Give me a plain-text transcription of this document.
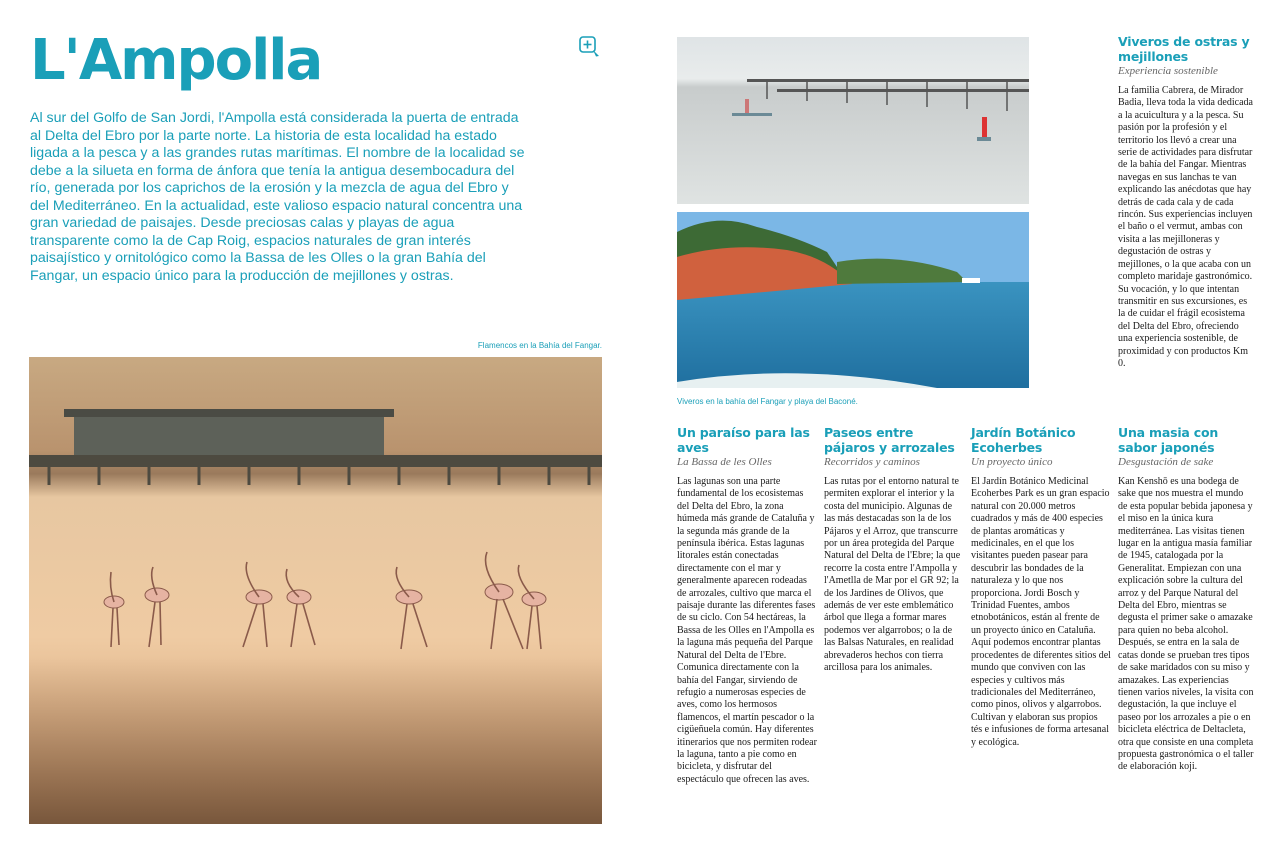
L'Ampolla

Al sur del Golfo de San Jordi, l'Ampolla está considerada la puerta de entrada al Delta del Ebro por la parte norte. La historia de esta localidad ha estado ligada a la pesca y a las grandes rutas marítimas. El nombre de la localidad se debe a la silueta en forma de ánfora que tenía la antigua desembocadura del río, generada por los caprichos de la erosión y la mezcla de agua del Ebro y del Mediterráneo. En la actualidad, este valioso espacio natural concentra una gran variedad de paisajes. Desde preciosas calas y playas de agua transparente como la de Cap Roig, espacios naturales de gran interés paisajístico y ornitológico como la Bassa de les Olles o la gran Bahía del Fangar, un espacio único para la producción de mejillones y ostras.

Flamencos en la Bahía del Fangar.
Viveros en la bahía del Fangar y playa del Baconé.
Viveros de ostras y mejillones
Experiencia sostenible

La familia Cabrera, de Mirador Badia, lleva toda la vida dedicada a la acuicultura y a la pesca. Su pasión por la profesión y el territorio los llevó a crear una serie de actividades para disfrutar de la bahía del Fangar. Mientras navegas en sus lanchas te van explicando las anécdotas que hay detrás de cada cala y de cada rincón. Sus experiencias incluyen el baño o el vermut, ambas con visita a las mejilloneras y degustación de ostras y mejillones, o la que acaba con un completo maridaje gastronómico. Su vocación, y lo que intentan transmitir en sus excursiones, es la de cuidar el frágil ecosistema del Delta del Ebro, ofreciendo una experiencia sostenible, de proximidad y con productos Km 0.

Un paraíso para las aves
La Bassa de les Olles

Las lagunas son una parte fundamental de los ecosistemas del Delta del Ebro, la zona húmeda más grande de Cataluña y la segunda más grande de la península ibérica. Estas lagunas litorales están conectadas directamente con el mar y generalmente aparecen rodeadas de arrozales, cultivo que marca el paisaje durante las diferentes fases de su ciclo. Con 54 hectáreas, la Bassa de les Olles en l'Ampolla es la laguna más pequeña del Parque Natural del Delta de l'Ebre. Comunica directamente con la bahía del Fangar, sirviendo de refugio a numerosas especies de aves, como los hermosos flamencos, el martín pescador o la cigüeñuela común. Hay diferentes itinerarios que nos permiten rodear la laguna, tanto a pie como en bicicleta, y disfrutar del espectáculo que ofrecen las aves.

Paseos entre pájaros y arrozales
Recorridos y caminos

Las rutas por el entorno natural te permiten explorar el interior y la costa del municipio. Algunas de las más destacadas son la de los Pájaros y el Arroz, que transcurre por un área protegida del Parque Natural del Delta de l'Ebre; la que recorre la costa entre l'Ampolla y l'Ametlla de Mar por el GR 92; la de los Jardines de Olivos, que además de ver este emblemático árbol que llega a formar mares podemos ver algarrobos; o la de las Balsas Naturales, en realidad abrevaderos hechos con tierra arcillosa para los animales.

Jardín Botánico Ecoherbes
Un proyecto único

El Jardín Botánico Medicinal Ecoherbes Park es un gran espacio natural con 20.000 metros cuadrados y más de 400 especies de plantas aromáticas y medicinales, en el que los visitantes pueden pasear para descubrir las bondades de la naturaleza y lo que nos proporciona. Jordi Bosch y Trinidad Fuentes, ambos etnobotánicos, están al frente de un proyecto único en Cataluña. Aquí podemos encontrar plantas procedentes de diferentes sitios del mundo que conviven con las especies y cultivos más tradicionales del Mediterráneo, como pinos, olivos y algarrobos. Cultivan y elaboran sus propios tés e infusiones de forma artesanal y ecológica.

Una masia con sabor japonés
Desgustación de sake

Kan Kenshō es una bodega de sake que nos muestra el mundo de esta popular bebida japonesa y el miso en la única kura mediterránea. Las visitas tienen lugar en la antigua masía familiar de 1945, catalogada por la Generalitat. Empiezan con una explicación sobre la cultura del arroz y del Parque Natural del Delta del Ebro, mientras se degusta el primer sake o amazake para quien no beba alcohol. Después, se entra en la sala de catas donde se prueban tres tipos de sake maridados con su miso y amazakes. Las experiencias tienen varios niveles, la visita con degustación, la que incluye el paseo por los arrozales a pie o en bicicleta eléctrica de Deltacleta, otra que consiste en una completa propuesta gastronómica o el taller de elaboración koji.
